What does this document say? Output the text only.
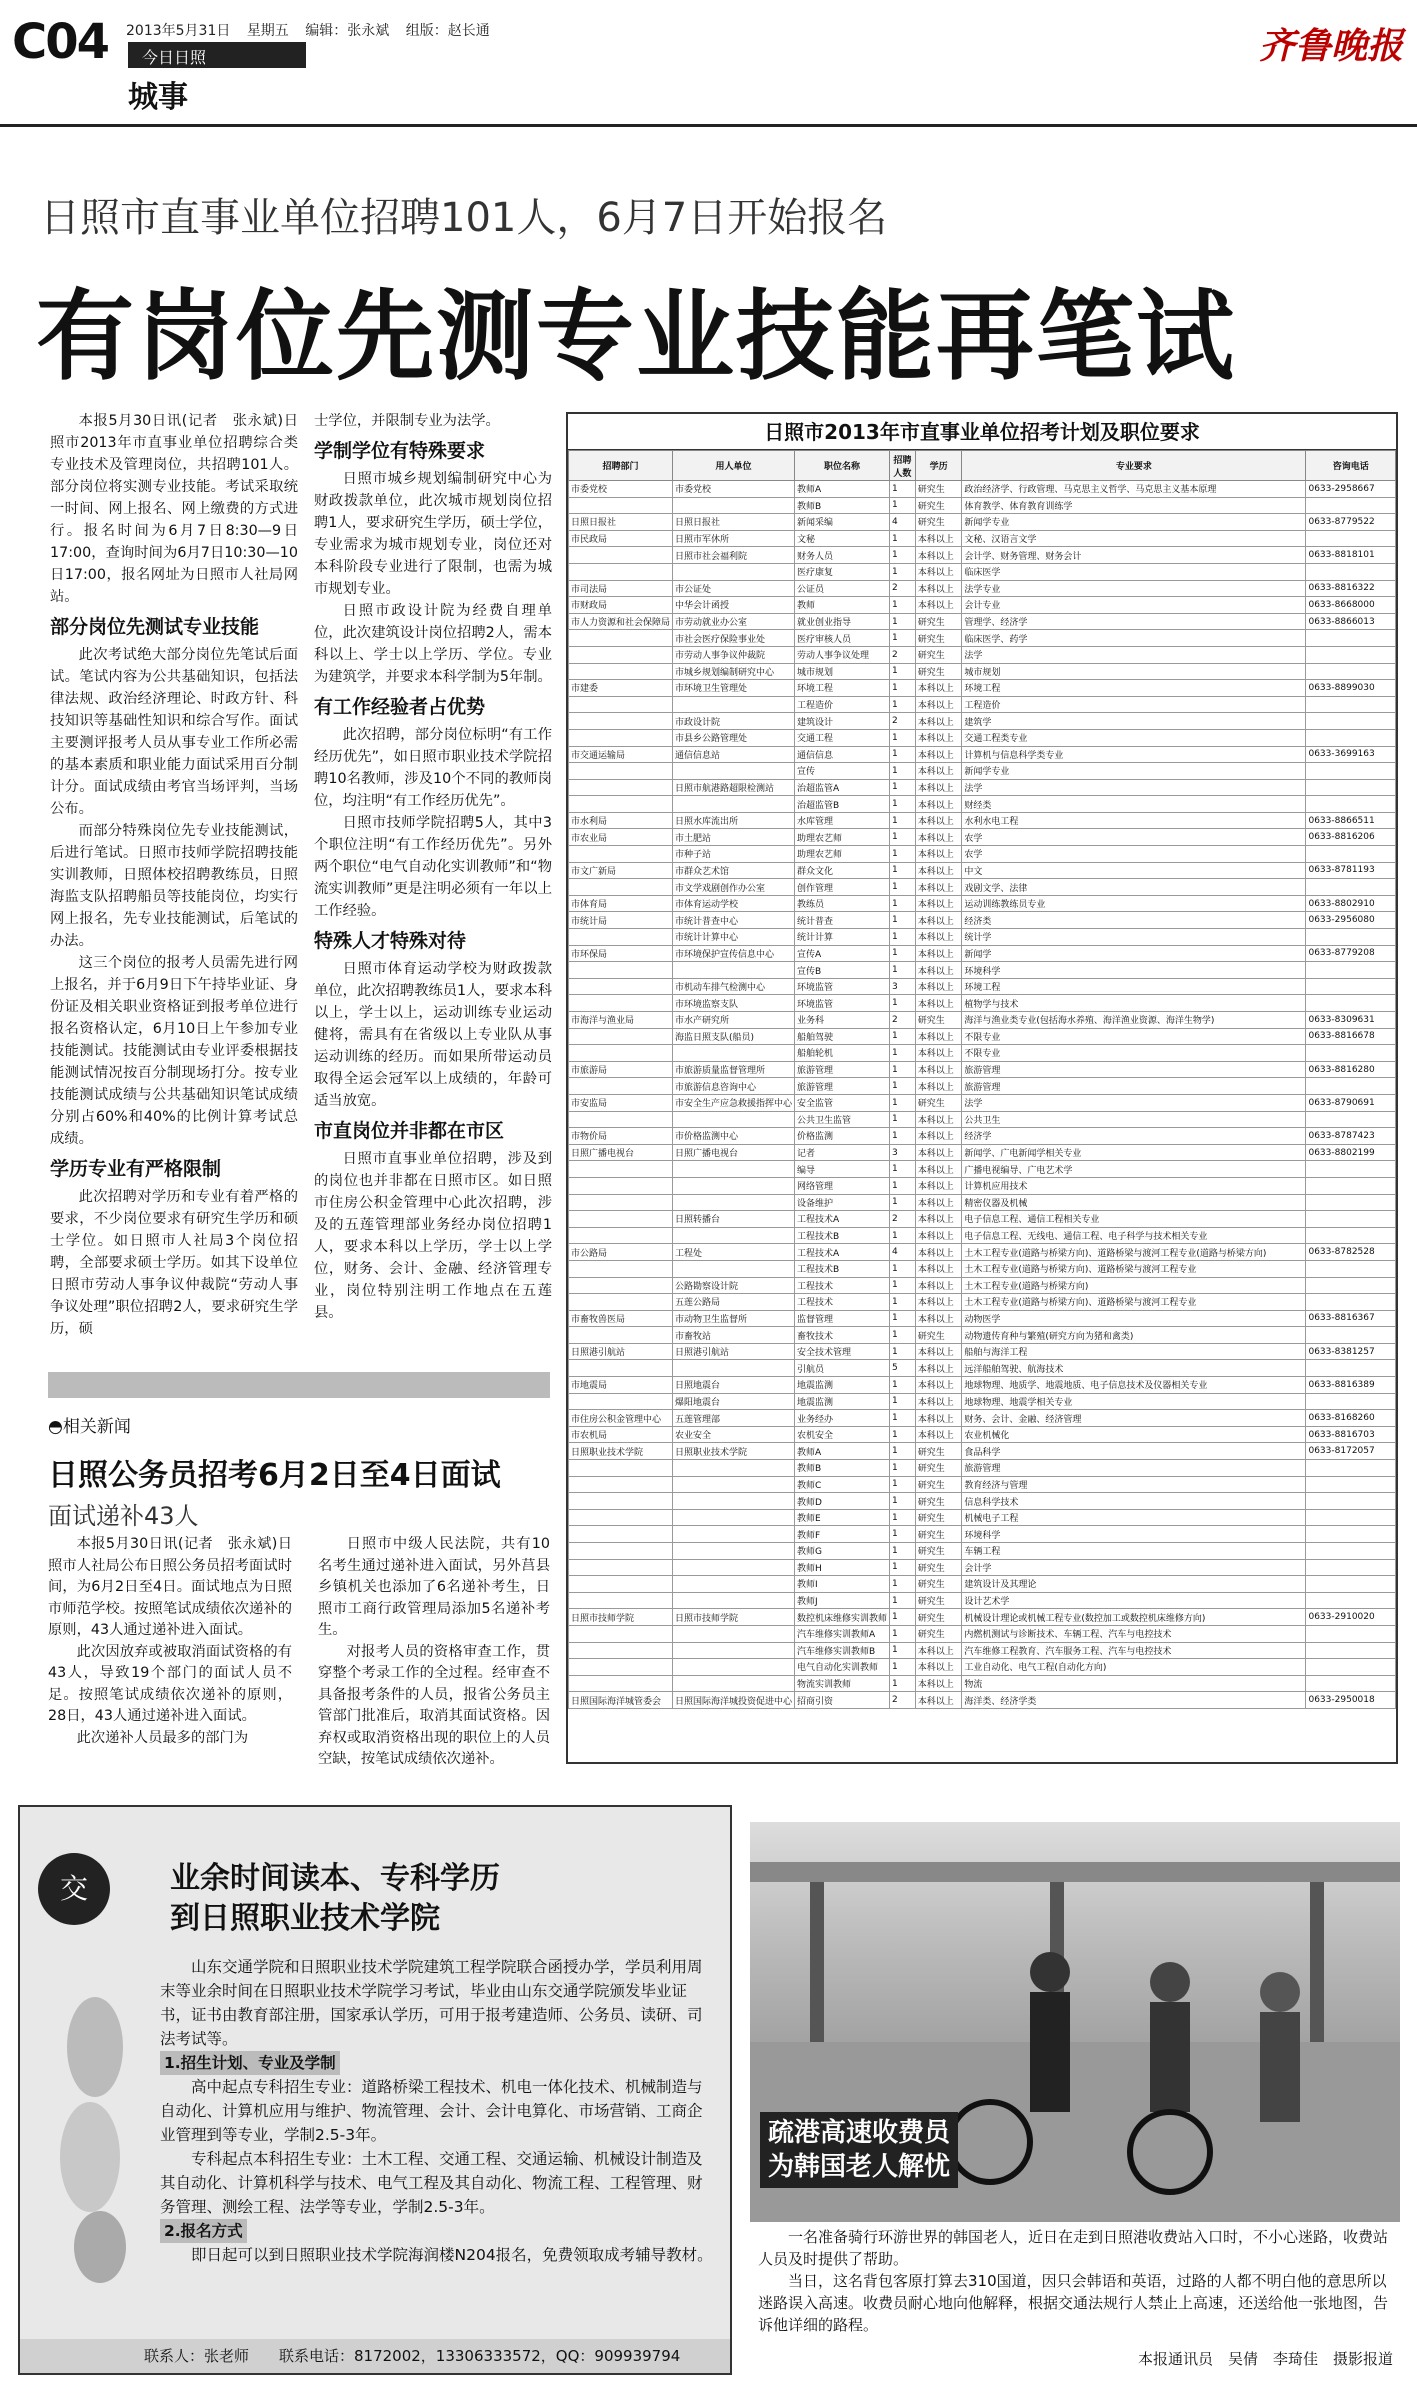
C04 2013年5月31日 星期五 编辑：张永斌 组版：赵长通
今日日照
城事
齐鲁晚报
日照市直事业单位招聘101人，6月7日开始报名
有岗位先测专业技能再笔试

本报5月30日讯(记者　张永斌)日照市2013年市直事业单位招聘综合类专业技术及管理岗位，共招聘101人。部分岗位将实测专业技能。考试采取统一时间、网上报名、网上缴费的方式进行。报名时间为6月7日8:30—9日17:00，查询时间为6月7日10:30—10日17:00，报名网址为日照市人社局网站。

部分岗位先测试专业技能

此次考试绝大部分岗位先笔试后面试。笔试内容为公共基础知识，包括法律法规、政治经济理论、时政方针、科技知识等基础性知识和综合写作。面试主要测评报考人员从事专业工作所必需的基本素质和职业能力面试采用百分制计分。面试成绩由考官当场评判，当场公布。

而部分特殊岗位先专业技能测试，后进行笔试。日照市技师学院招聘技能实训教师，日照体校招聘教练员，日照海监支队招聘船员等技能岗位，均实行网上报名，先专业技能测试，后笔试的办法。

这三个岗位的报考人员需先进行网上报名，并于6月9日下午持毕业证、身份证及相关职业资格证到报考单位进行报名资格认定，6月10日上午参加专业技能测试。技能测试由专业评委根据技能测试情况按百分制现场打分。按专业技能测试成绩与公共基础知识笔试成绩分别占60%和40%的比例计算考试总成绩。

学历专业有严格限制

此次招聘对学历和专业有着严格的要求，不少岗位要求有研究生学历和硕士学位。如日照市人社局3个岗位招聘，全部要求硕士学历。如其下设单位日照市劳动人事争议仲裁院“劳动人事争议处理”职位招聘2人，要求研究生学历，硕

士学位，并限制专业为法学。

学制学位有特殊要求

日照市城乡规划编制研究中心为财政拨款单位，此次城市规划岗位招聘1人，要求研究生学历，硕士学位，专业需求为城市规划专业，岗位还对本科阶段专业进行了限制，也需为城市规划专业。

日照市政设计院为经费自理单位，此次建筑设计岗位招聘2人，需本科以上、学士以上学历、学位。专业为建筑学，并要求本科学制为5年制。

有工作经验者占优势

此次招聘，部分岗位标明“有工作经历优先”，如日照市职业技术学院招聘10名教师，涉及10个不同的教师岗位，均注明“有工作经历优先”。

日照市技师学院招聘5人，其中3个职位注明“有工作经历优先”。另外两个职位“电气自动化实训教师”和“物流实训教师”更是注明必须有一年以上工作经验。

特殊人才特殊对待

日照市体育运动学校为财政拨款单位，此次招聘教练员1人，要求本科以上，学士以上，运动训练专业运动健将，需具有在省级以上专业队从事运动训练的经历。而如果所带运动员取得全运会冠军以上成绩的，年龄可适当放宽。

市直岗位并非都在市区

日照市直事业单位招聘，涉及到的岗位也并非都在日照市区。如日照市住房公积金管理中心此次招聘，涉及的五莲管理部业务经办岗位招聘1人，要求本科以上学历，学士以上学位，财务、会计、金融、经济管理专业，岗位特别注明工作地点在五莲县。

日照市2013年市直事业单位招考计划及职位要求
招聘部门	用人单位	职位名称	招聘人数	学历	专业要求	咨询电话
市委党校	市委党校	教师A	1	研究生	政治经济学、行政管理、马克思主义哲学、马克思主义基本原理	0633-2958667
		教师B	1	研究生	体育教学、体育教育训练学	
日照日报社	日照日报社	新闻采编	4	研究生	新闻学专业	0633-8779522
市民政局	日照市军休所	文秘	1	本科以上	文秘、汉语言文学	
	日照市社会福利院	财务人员	1	本科以上	会计学、财务管理、财务会计	0633-8818101
		医疗康复	1	本科以上	临床医学	
市司法局	市公证处	公证员	2	本科以上	法学专业	0633-8816322
市财政局	中华会计函授	教师	1	本科以上	会计专业	0633-8668000
市人力资源和社会保障局	市劳动就业办公室	就业创业指导	1	研究生	管理学、经济学	0633-8866013
	市社会医疗保险事业处	医疗审核人员	1	研究生	临床医学、药学	
	市劳动人事争议仲裁院	劳动人事争议处理	2	研究生	法学	
	市城乡规划编制研究中心	城市规划	1	研究生	城市规划	
市建委	市环境卫生管理处	环境工程	1	本科以上	环境工程	0633-8899030
		工程造价	1	本科以上	工程造价	
	市政设计院	建筑设计	2	本科以上	建筑学	
	市县乡公路管理处	交通工程	1	本科以上	交通工程类专业	
市交通运输局	通信信息站	通信信息	1	本科以上	计算机与信息科学类专业	0633-3699163
		宣传	1	本科以上	新闻学专业	
	日照市航港路超限检测站	治超监管A	1	本科以上	法学	
		治超监管B	1	本科以上	财经类	
市水利局	日照水库流出所	水库管理	1	本科以上	水利水电工程	0633-8866511
市农业局	市土肥站	助理农艺师	1	本科以上	农学	0633-8816206
	市种子站	助理农艺师	1	本科以上	农学	
市文广新局	市群众艺术馆	群众文化	1	本科以上	中文	0633-8781193
	市文学戏剧创作办公室	创作管理	1	本科以上	戏剧文学、法律	
市体育局	市体育运动学校	教练员	1	本科以上	运动训练教练员专业	0633-8802910
市统计局	市统计普查中心	统计普查	1	本科以上	经济类	0633-2956080
	市统计计算中心	统计计算	1	本科以上	统计学	
市环保局	市环境保护宣传信息中心	宣传A	1	本科以上	新闻学	0633-8779208
		宣传B	1	本科以上	环境科学	
	市机动车排气检测中心	环境监管	3	本科以上	环境工程	
	市环境监察支队	环境监管	1	本科以上	植物学与技术	
市海洋与渔业局	市水产研究所	业务科	2	研究生	海洋与渔业类专业(包括海水养殖、海洋渔业资源、海洋生物学)	0633-8309631
	海监日照支队(船员)	船舶驾驶	1	本科以上	不限专业	0633-8816678
		船舶轮机	1	本科以上	不限专业	
市旅游局	市旅游质量监督管理所	旅游管理	1	本科以上	旅游管理	0633-8816280
	市旅游信息咨询中心	旅游管理	1	本科以上	旅游管理	
市安监局	市安全生产应急救援指挥中心	安全监管	1	研究生	法学	0633-8790691
		公共卫生监管	1	本科以上	公共卫生	
市物价局	市价格监测中心	价格监测	1	本科以上	经济学	0633-8787423
日照广播电视台	日照广播电视台	记者	3	本科以上	新闻学、广电新闻学相关专业	0633-8802199
		编导	1	本科以上	广播电视编导、广电艺术学	
		网络管理	1	本科以上	计算机应用技术	
		设备维护	1	本科以上	精密仪器及机械	
	日照转播台	工程技术A	2	本科以上	电子信息工程、通信工程相关专业	
		工程技术B	1	本科以上	电子信息工程、无线电、通信工程、电子科学与技术相关专业	
市公路局	工程处	工程技术A	4	本科以上	土木工程专业(道路与桥梁方向)、道路桥梁与渡河工程专业(道路与桥梁方向)	0633-8782528
		工程技术B	1	本科以上	土木工程专业(道路与桥梁方向)、道路桥梁与渡河工程专业	
	公路勘察设计院	工程技术	1	本科以上	土木工程专业(道路与桥梁方向)	
	五莲公路局	工程技术	1	本科以上	土木工程专业(道路与桥梁方向)、道路桥梁与渡河工程专业	
市畜牧兽医局	市动物卫生监督所	监督管理	1	本科以上	动物医学	0633-8816367
	市畜牧站	畜牧技术	1	研究生	动物遗传育种与繁殖(研究方向为猪和禽类)	
日照港引航站	日照港引航站	安全技术管理	1	本科以上	船舶与海洋工程	0633-8381257
		引航员	5	本科以上	远洋船舶驾驶、航海技术	
市地震局	日照地震台	地震监测	1	本科以上	地球物理、地质学、地震地质、电子信息技术及仪器相关专业	0633-8816389
	爆阳地震台	地震监测	1	本科以上	地球物理、地震学相关专业	
市住房公积金管理中心	五莲管理部	业务经办	1	本科以上	财务、会计、金融、经济管理	0633-8168260
市农机局	农业安全	农机安全	1	本科以上	农业机械化	0633-8816703
日照职业技术学院	日照职业技术学院	教师A	1	研究生	食品科学	0633-8172057
		教师B	1	研究生	旅游管理	
		教师C	1	研究生	教育经济与管理	
		教师D	1	研究生	信息科学技术	
		教师E	1	研究生	机械电子工程	
		教师F	1	研究生	环境科学	
		教师G	1	研究生	车辆工程	
		教师H	1	研究生	会计学	
		教师I	1	研究生	建筑设计及其理论	
		教师J	1	研究生	设计艺术学	
日照市技师学院	日照市技师学院	数控机床维修实训教师	1	研究生	机械设计理论或机械工程专业(数控加工或数控机床维修方向)	0633-2910020
		汽车维修实训教师A	1	研究生	内燃机测试与诊断技术、车辆工程、汽车与电控技术	
		汽车维修实训教师B	1	本科以上	汽车维修工程教育、汽车服务工程、汽车与电控技术	
		电气自动化实训教师	1	本科以上	工业自动化、电气工程(自动化方向)	
		物流实训教师	1	本科以上	物流	
日照国际海洋城管委会	日照国际海洋城投资促进中心	招商引资	2	本科以上	海洋类、经济学类	0633-2950018
◓相关新闻
日照公务员招考6月2日至4日面试
面试递补43人

本报5月30日讯(记者　张永斌)日照市人社局公布日照公务员招考面试时间，为6月2日至4日。面试地点为日照市师范学校。按照笔试成绩依次递补的原则，43人通过递补进入面试。

此次因放弃或被取消面试资格的有43人，导致19个部门的面试人员不足。按照笔试成绩依次递补的原则，28日，43人通过递补进入面试。

此次递补人员最多的部门为

日照市中级人民法院，共有10名考生通过递补进入面试，另外莒县乡镇机关也添加了6名递补考生，日照市工商行政管理局添加5名递补考生。

对报考人员的资格审查工作，贯穿整个考录工作的全过程。经审查不具备报考条件的人员，报省公务员主管部门批准后，取消其面试资格。因弃权或取消资格出现的职位上的人员空缺，按笔试成绩依次递补。

交	业余时间读本、专科学历
到日照职业技术学院

山东交通学院和日照职业技术学院建筑工程学院联合函授办学，学员利用周末等业余时间在日照职业技术学院学习考试，毕业由山东交通学院颁发毕业证书，证书由教育部注册，国家承认学历，可用于报考建造师、公务员、读研、司法考试等。

1.招生计划、专业及学制

高中起点专科招生专业：道路桥梁工程技术、机电一体化技术、机械制造与自动化、计算机应用与维护、物流管理、会计、会计电算化、市场营销、工商企业管理到等专业，学制2.5-3年。

专科起点本科招生专业：土木工程、交通工程、交通运输、机械设计制造及其自动化、计算机科学与技术、电气工程及其自动化、物流工程、工程管理、财务管理、测绘工程、法学等专业，学制2.5-3年。

2.报名方式

即日起可以到日照职业技术学院海润楼N204报名，免费领取成考辅导教材。

联系人：张老师　　联系电话：8172002，13306333572，QQ：909939794
疏港高速收费员
为韩国老人解忧

一名准备骑行环游世界的韩国老人，近日在走到日照港收费站入口时，不小心迷路，收费站人员及时提供了帮助。

当日，这名背包客原打算去310国道，因只会韩语和英语，过路的人都不明白他的意思所以迷路误入高速。收费员耐心地向他解释，根据交通法规行人禁止上高速，还送给他一张地图，告诉他详细的路程。

本报通讯员　吴倩　李琦佳　摄影报道
